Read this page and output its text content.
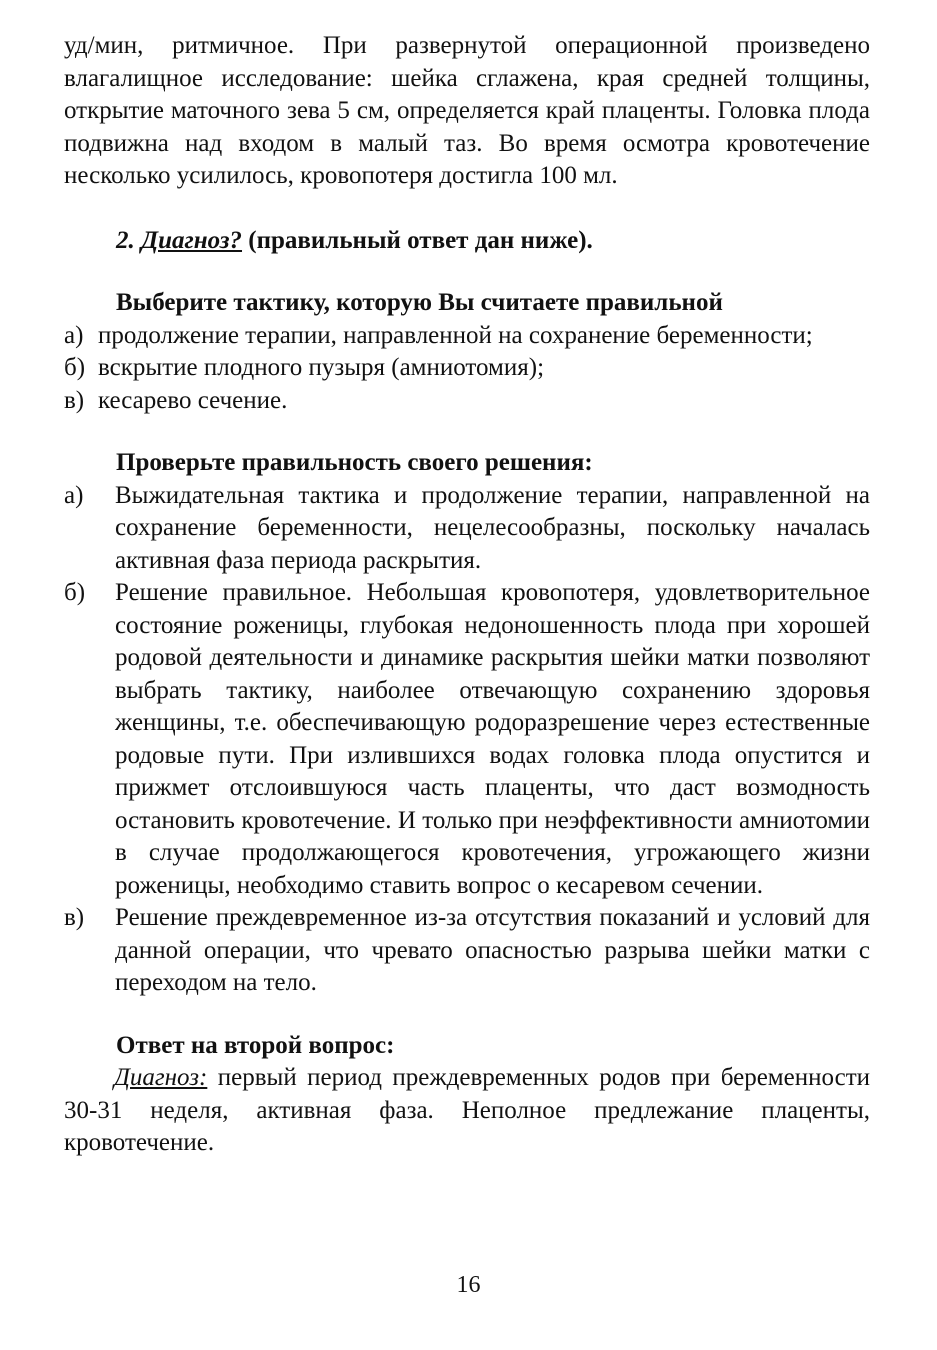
уд/мин, ритмичное. При развернутой операционной произведено влагалищное исследование: шейка сглажена, края средней толщины, открытие маточного зева 5 см, определяется край плаценты. Головка плода подвижна над входом в малый таз. Во время осмотра кровотечение несколько усилилось, кровопотеря достигла 100 мл.

2. Диагноз? (правильный ответ дан ниже).

Выберите тактику, которую Вы считаете правильной

а) продолжение терапии, направленной на сохранение беременности;

б) вскрытие плодного пузыря (амниотомия);

в) кесарево сечение.

Проверьте правильность своего решения:

а) Выжидательная тактика и продолжение терапии, направленной на сохранение беременности, нецелесообразны, поскольку началась активная фаза периода раскрытия.

б) Решение правильное. Небольшая кровопотеря, удовлетворительное состояние роженицы, глубокая недоношенность плода при хорошей родовой деятельности и динамике раскрытия шейки матки позволяют выбрать тактику, наиболее отвечающую сохранению здоровья женщины, т.е. обеспечивающую родоразрешение через естественные родовые пути. При излившихся водах головка плода опустится и прижмет отслоившуюся часть плаценты, что даст возмодность остановить кровотечение. И только при неэффективности амниотомии в случае продолжающегося кровотечения, угрожающего жизни роженицы, необходимо ставить вопрос о кесаревом сечении.

в) Решение преждевременное из-за отсутствия показаний и условий для данной операции, что чревато опасностью разрыва шейки матки с переходом на тело.

Ответ на второй вопрос:

Диагноз: первый период преждевременных родов при беременности 30-31 неделя, активная фаза. Неполное предлежание плаценты, кровотечение.

16
